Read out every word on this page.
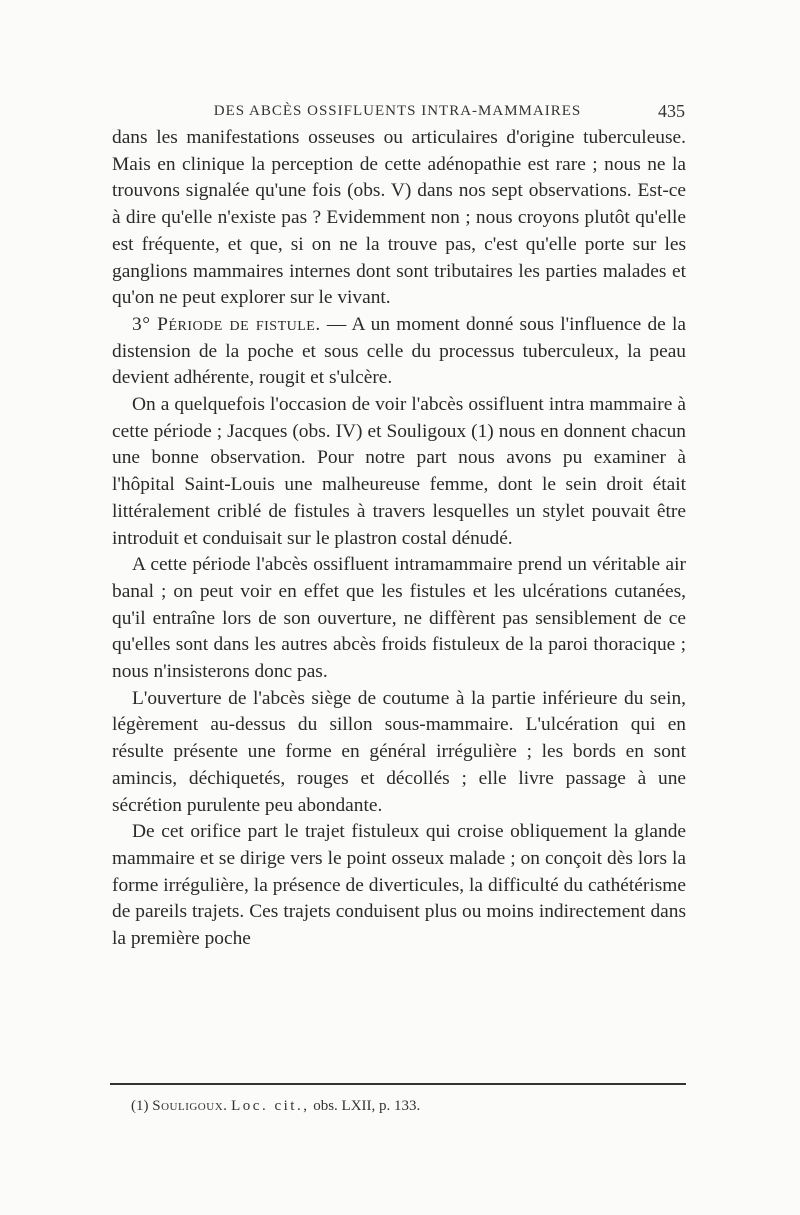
DES ABCÈS OSSIFLUENTS INTRA-MAMMAIRES	435

dans les manifestations osseuses ou articulaires d'origine tuberculeuse. Mais en clinique la perception de cette adénopathie est rare ; nous ne la trouvons signalée qu'une fois (obs. V) dans nos sept observations. Est-ce à dire qu'elle n'existe pas ? Evidemment non ; nous croyons plutôt qu'elle est fréquente, et que, si on ne la trouve pas, c'est qu'elle porte sur les ganglions mammaires internes dont sont tributaires les parties malades et qu'on ne peut explorer sur le vivant.

3° Période de fistule. — A un moment donné sous l'influence de la distension de la poche et sous celle du processus tuberculeux, la peau devient adhérente, rougit et s'ulcère.

On a quelquefois l'occasion de voir l'abcès ossifluent intra mammaire à cette période ; Jacques (obs. IV) et Souligoux (1) nous en donnent chacun une bonne observation. Pour notre part nous avons pu examiner à l'hôpital Saint-Louis une malheureuse femme, dont le sein droit était littéralement criblé de fistules à travers lesquelles un stylet pouvait être introduit et conduisait sur le plastron costal dénudé.

A cette période l'abcès ossifluent intramammaire prend un véritable air banal ; on peut voir en effet que les fistules et les ulcérations cutanées, qu'il entraîne lors de son ouverture, ne diffèrent pas sensiblement de ce qu'elles sont dans les autres abcès froids fistuleux de la paroi thoracique ; nous n'insisterons donc pas.

L'ouverture de l'abcès siège de coutume à la partie inférieure du sein, légèrement au-dessus du sillon sous-mammaire. L'ulcération qui en résulte présente une forme en général irrégulière ; les bords en sont amincis, déchiquetés, rouges et décollés ; elle livre passage à une sécrétion purulente peu abondante.

De cet orifice part le trajet fistuleux qui croise obliquement la glande mammaire et se dirige vers le point osseux malade ; on conçoit dès lors la forme irrégulière, la présence de diverticules, la difficulté du cathétérisme de pareils trajets. Ces trajets conduisent plus ou moins indirectement dans la première poche

(1) Souligoux. Loc. cit., obs. LXII, p. 133.
